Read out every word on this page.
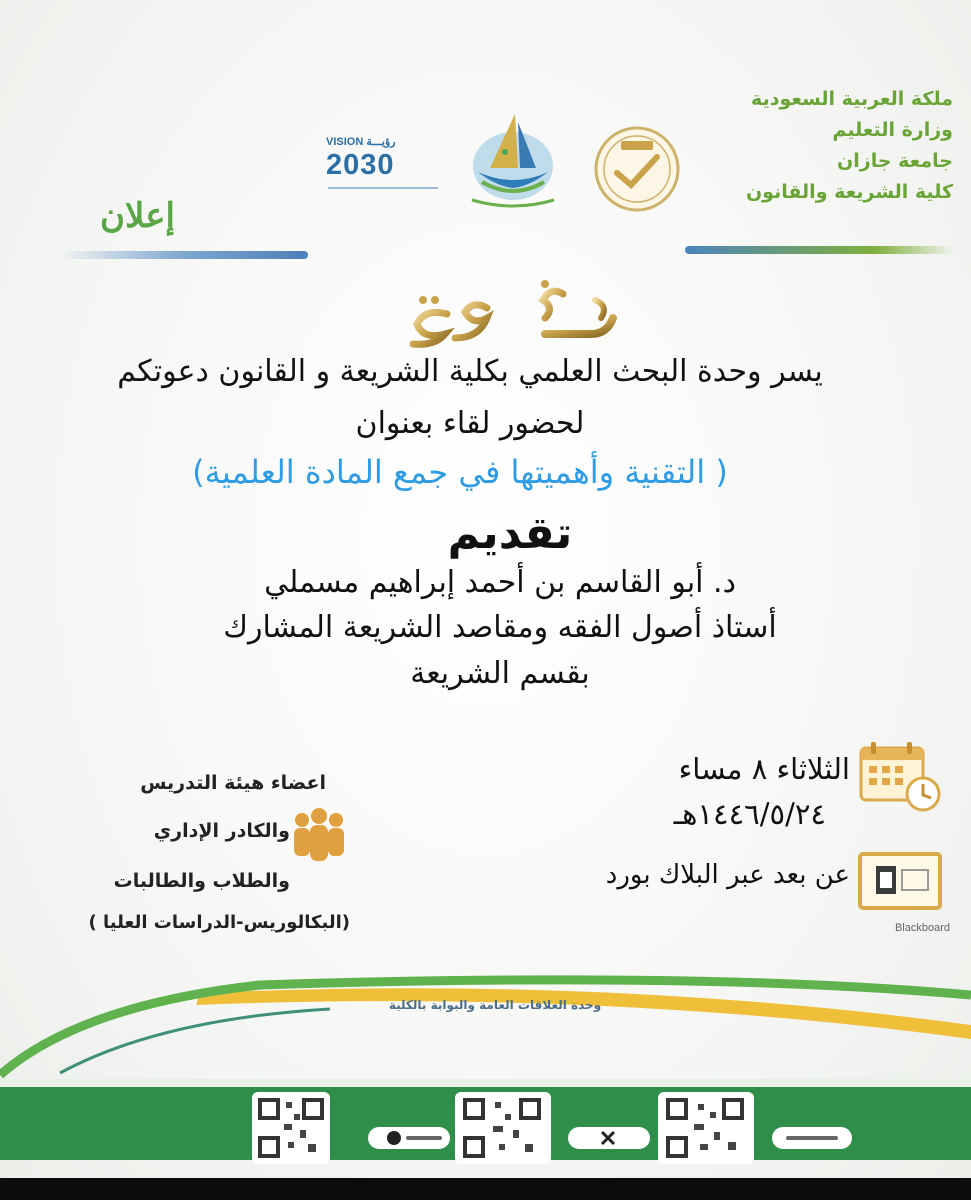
ملكة العربية السعودية
وزارة التعليم
جامعة جازان
كلية الشريعة والقانون
إعلان
VISION رؤيـــة
2030
يسر وحدة البحث العلمي بكلية الشريعة و القانون دعوتكم
لحضور لقاء بعنوان
( التقنية وأهميتها في جمع المادة العلمية)
تقديم
د. أبو القاسم بن أحمد إبراهيم مسملي
أستاذ أصول الفقه ومقاصد الشريعة المشارك
بقسم الشريعة
الثلاثاء ٨ مساء
١٤٤٦/٥/٢٤هـ
عن بعد عبر البلاك بورد
Blackboard
اعضاء هيئة التدريس
والكادر الإداري
والطلاب والطالبات
(البكالوريس-الدراسات العليا )
وحدة العلاقات العامة والبوابة بالكلية
